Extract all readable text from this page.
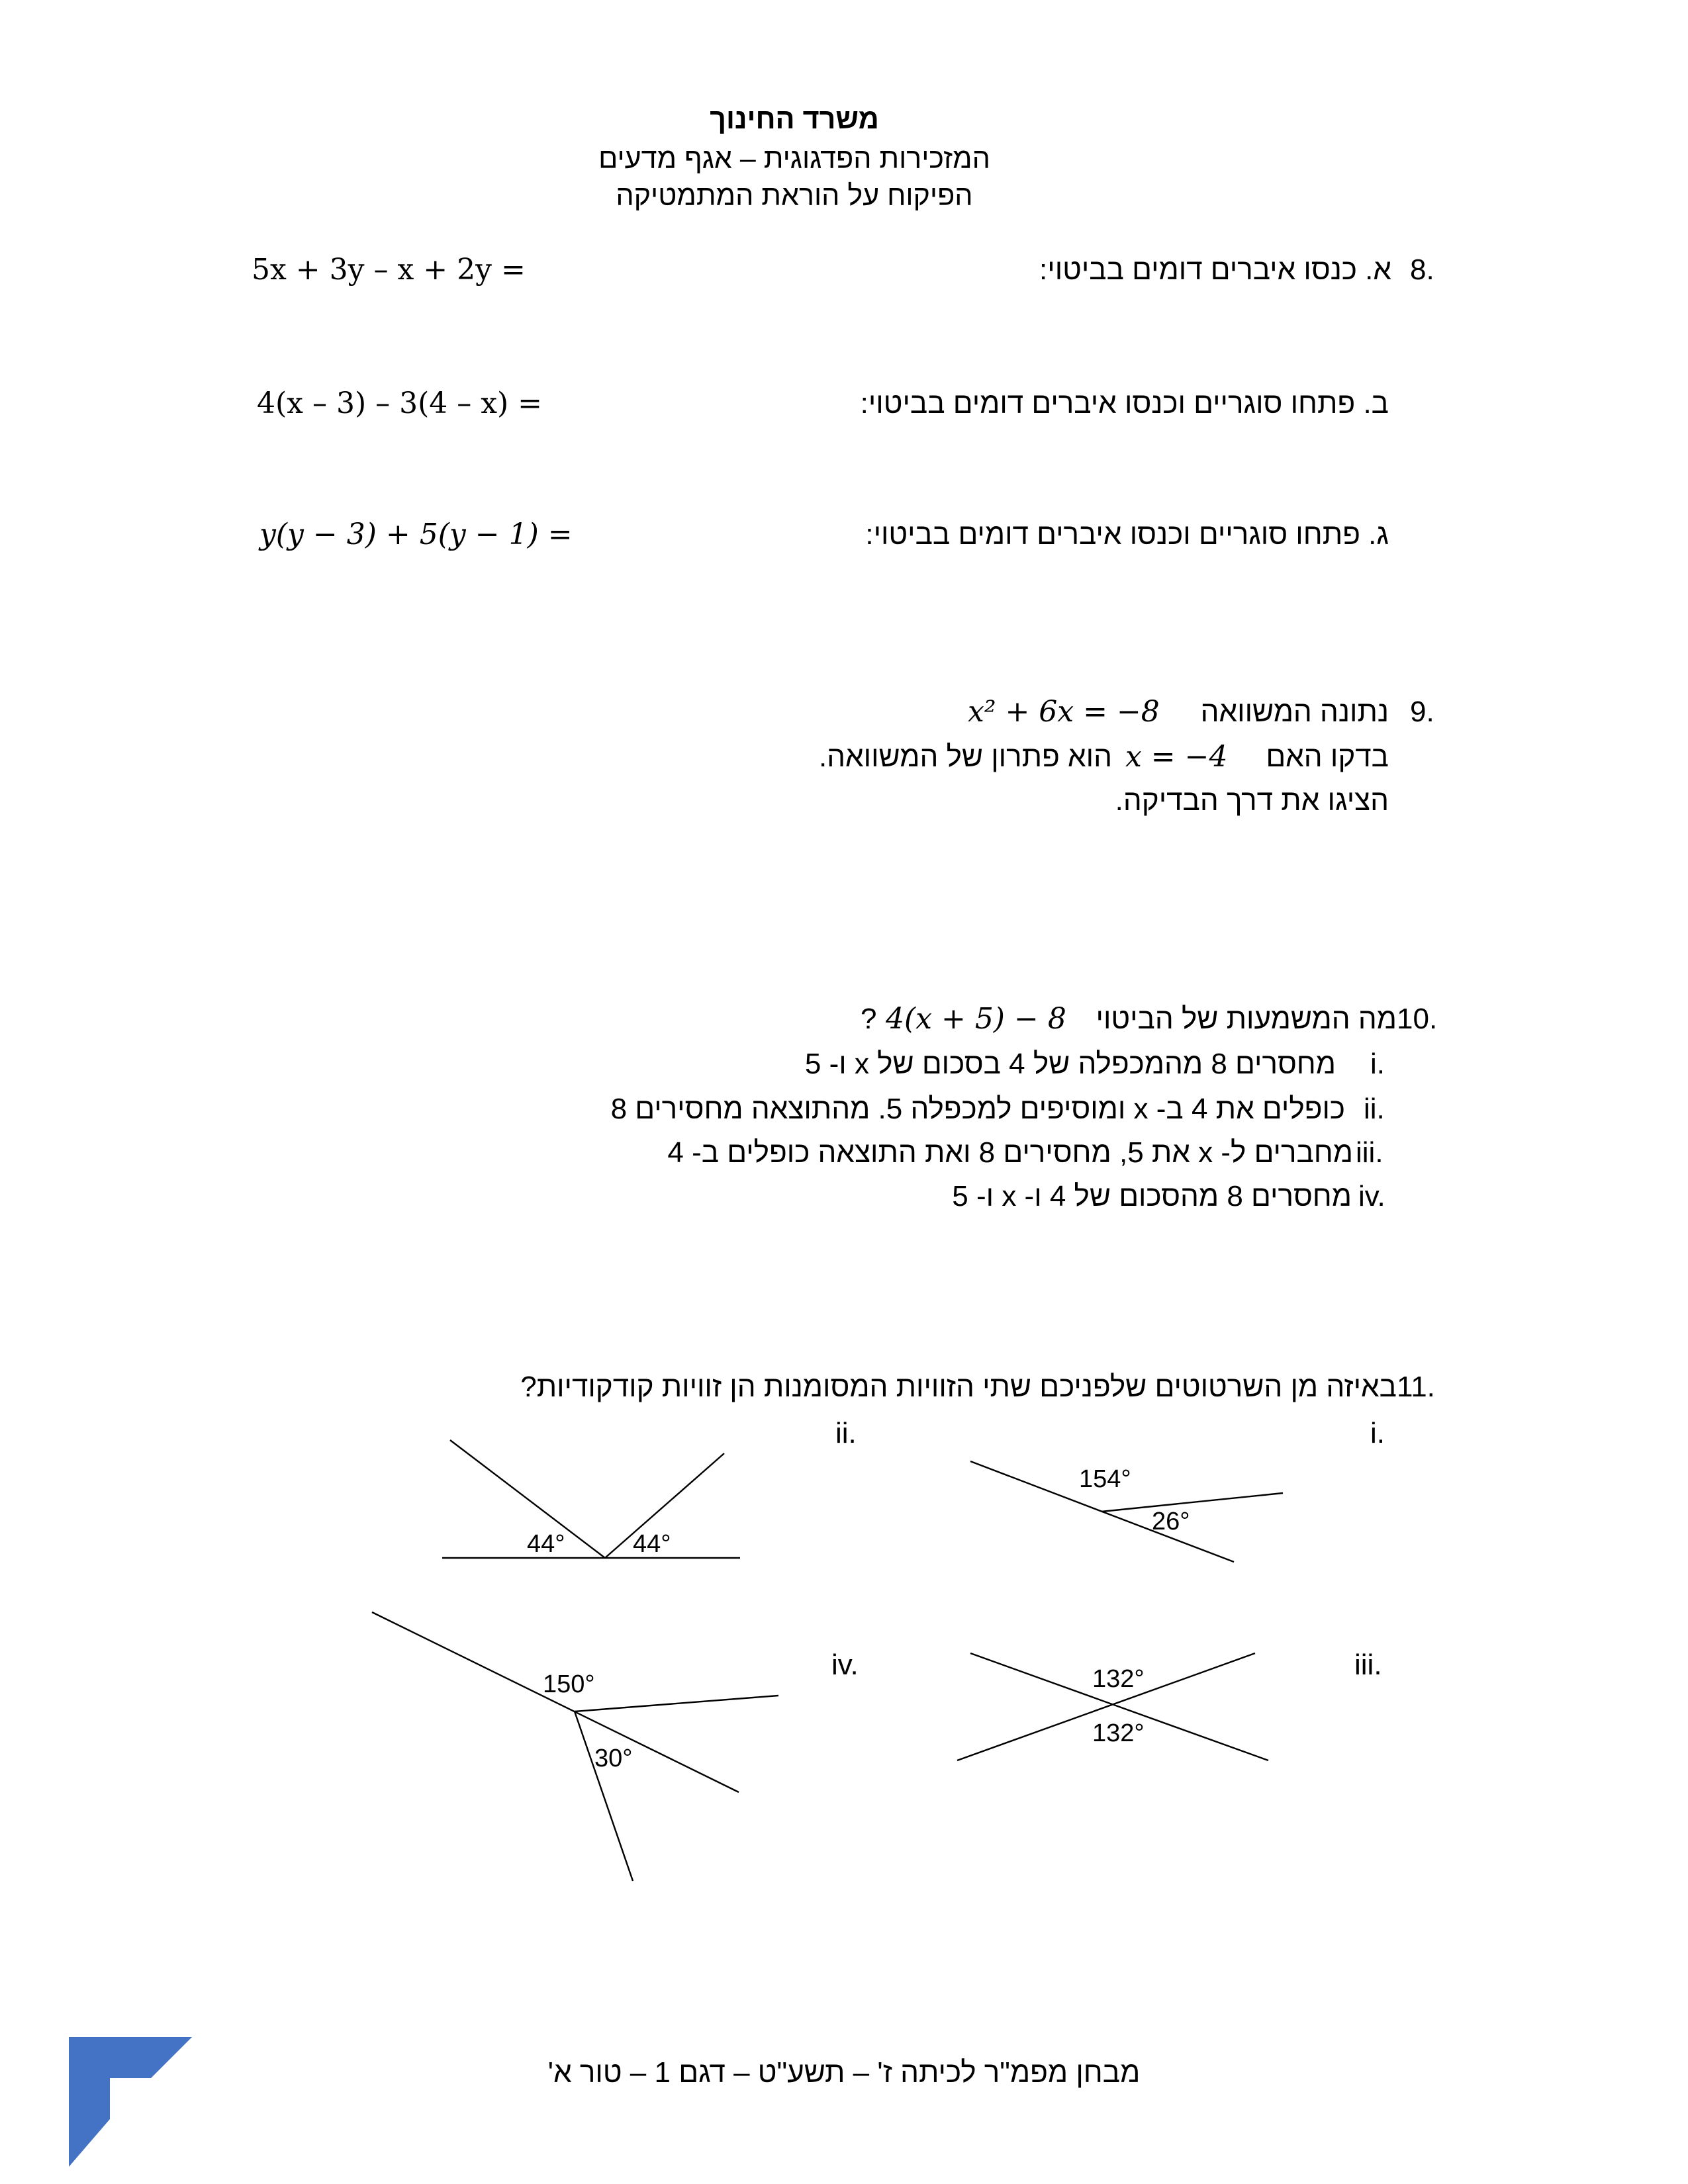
משרד החינוך
המזכירות הפדגוגית – אגף מדעים
הפיקוח על הוראת המתמטיקה
8.
א. כנסו איברים דומים בביטוי:
5x + 3y – x + 2y =
ב. פתחו סוגריים וכנסו איברים דומים בביטוי:
4(x – 3) – 3(4 – x) =
ג. פתחו סוגריים וכנסו איברים דומים בביטוי:
y(y − 3) + 5(y − 1) =
9.
נתונה המשוואה
x² + 6x = −8
בדקו האם
x = −4
הוא פתרון של המשוואה.
הציגו את דרך הבדיקה.
10.
מה המשמעות של הביטוי
4(x + 5) − 8
?
i.
מחסרים 8 מהמכפלה של 4 בסכום של x ו- 5
ii.
כופלים את 4 ב- x ומוסיפים למכפלה 5. מהתוצאה מחסירים 8
iii.
מחברים ל- x את 5, מחסירים 8 ואת התוצאה כופלים ב- 4
iv.
מחסרים 8 מהסכום של 4 ו- x ו- 5
11.
באיזה מן השרטוטים שלפניכם שתי הזוויות המסומנות הן זוויות קודקודיות?
i.
ii.
iii.
iv.
154°
26°
44°	44°
132°
132°
150°
30°
מבחן מפמ"ר לכיתה ז' – תשע"ט – דגם 1 – טור א'
